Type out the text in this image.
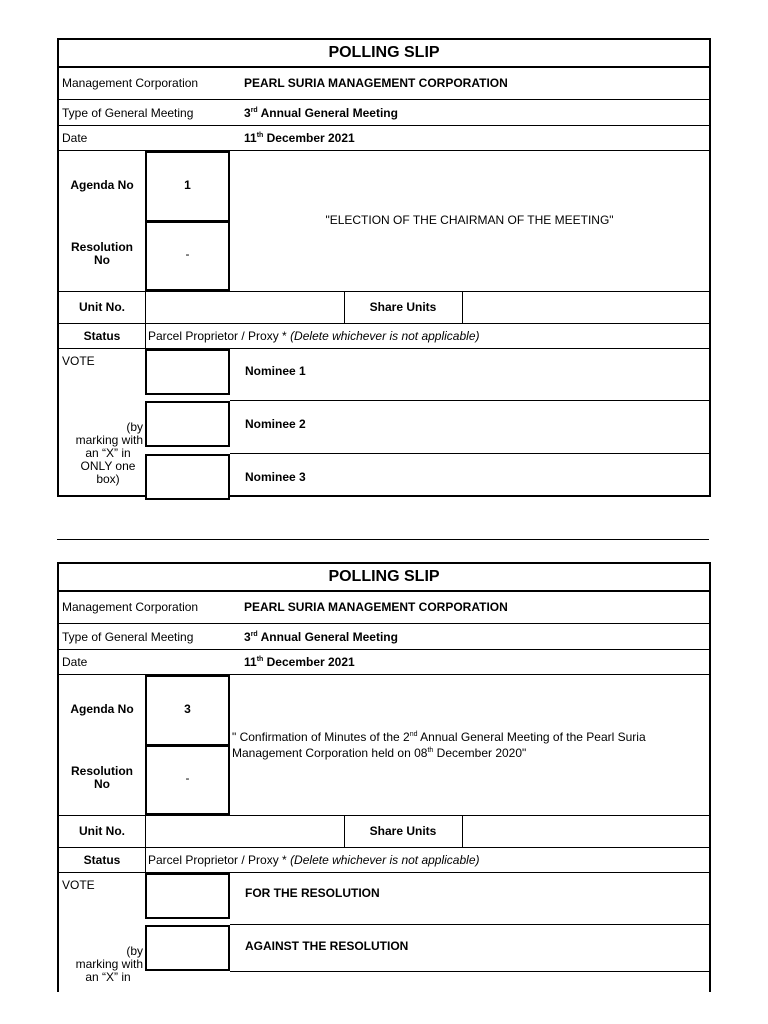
POLLING SLIP
Management Corporation	PEARL SURIA MANAGEMENT CORPORATION
Type of General Meeting	3rd Annual General Meeting
Date	11th December 2021
Agenda No	1
Resolution
No	-
"ELECTION OF THE CHAIRMAN OF THE MEETING"
Unit No.	Share Units
Status	Parcel Proprietor / Proxy * (Delete whichever is not applicable)
VOTE
(by
marking with
an “X” in
ONLY one
box)
Nominee 1
Nominee 2
Nominee 3
POLLING SLIP
Management Corporation	PEARL SURIA MANAGEMENT CORPORATION
Type of General Meeting	3rd Annual General Meeting
Date	11th December 2021
Agenda No	3
Resolution
No	-
" Confirmation of Minutes of the 2nd Annual General Meeting of the Pearl Suria
Management Corporation held on 08th December 2020"
Unit No.	Share Units
Status	Parcel Proprietor / Proxy * (Delete whichever is not applicable)
VOTE
(by
marking with
an “X” in
FOR THE RESOLUTION
AGAINST THE RESOLUTION
